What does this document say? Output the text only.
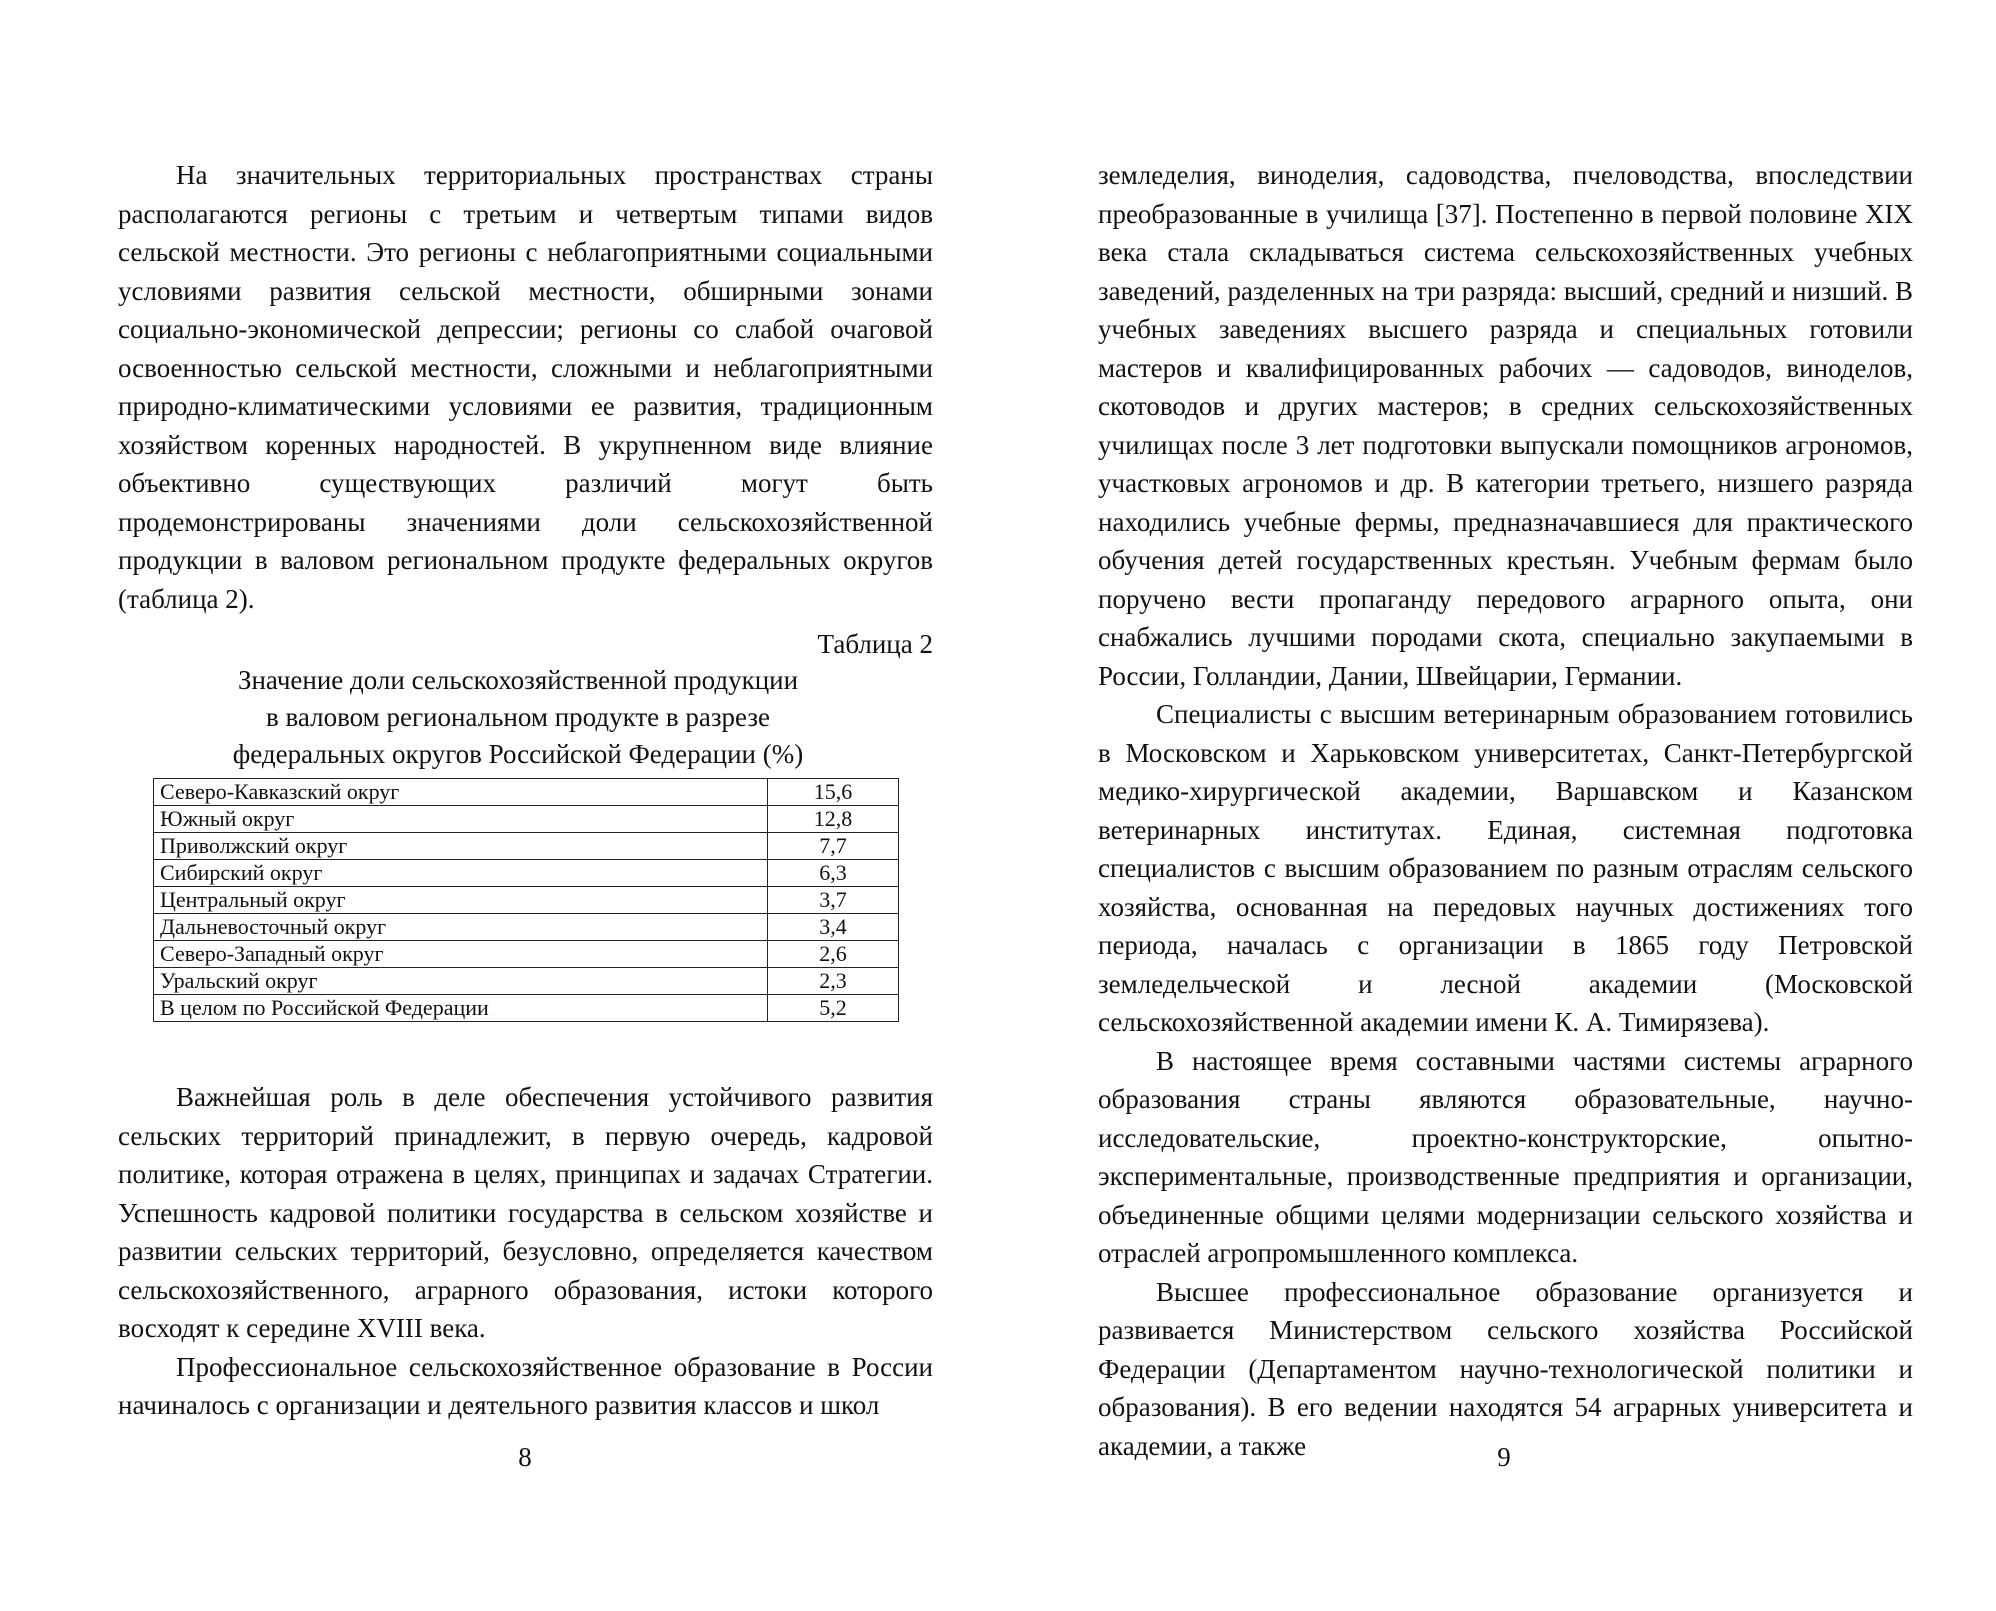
На значительных территориальных пространствах страны располагаются регионы с третьим и четвертым типами видов сельской местности. Это регионы с неблагоприятными социальными условиями развития сельской местности, обширными зонами социально-экономической депрессии; регионы со слабой очаговой освоенностью сельской местности, сложными и неблагоприятными природно-климатическими условиями ее развития, традиционным хозяйством коренных народностей. В укрупненном виде влияние объективно существующих различий могут быть продемонстрированы значениями доли сельскохозяйственной продукции в валовом региональном продукте федеральных округов (таблица 2).

Таблица 2
Значение доли сельскохозяйственной продукции
в валовом региональном продукте в разрезе
федеральных округов Российской Федерации (%)
Северо-Кавказский округ	15,6
Южный округ	12,8
Приволжский округ	7,7
Сибирский округ	6,3
Центральный округ	3,7
Дальневосточный округ	3,4
Северо-Западный округ	2,6
Уральский округ	2,3
В целом по Российской Федерации	5,2

Важнейшая роль в деле обеспечения устойчивого развития сельских территорий принадлежит, в первую очередь, кадровой политике, которая отражена в целях, принципах и задачах Стратегии. Успешность кадровой политики государства в сельском хозяйстве и развитии сельских территорий, безусловно, определяется качеством сельскохозяйственного, аграрного образования, истоки которого восходят к середине XVIII века.

Профессиональное сельскохозяйственное образование в России начиналось с организации и деятельного развития классов и школ

8

земледелия, виноделия, садоводства, пчеловодства, впоследствии преобразованные в училища [37]. Постепенно в первой половине XIX века стала складываться система сельскохозяйственных учебных заведений, разделенных на три разряда: высший, средний и низший. В учебных заведениях высшего разряда и специальных готовили мастеров и квалифицированных рабочих — садоводов, виноделов, скотоводов и других мастеров; в средних сельскохозяйственных училищах после 3 лет подготовки выпускали помощников агрономов, участковых агрономов и др. В категории третьего, низшего разряда находились учебные фермы, предназначавшиеся для практического обучения детей государственных крестьян. Учебным фермам было поручено вести пропаганду передового аграрного опыта, они снабжались лучшими породами скота, специально закупаемыми в России, Голландии, Дании, Швейцарии, Германии.

Специалисты с высшим ветеринарным образованием готовились в Московском и Харьковском университетах, Санкт-Петербургской медико-хирургической академии, Варшавском и Казанском ветеринарных институтах. Единая, системная подготовка специалистов с высшим образованием по разным отраслям сельского хозяйства, основанная на передовых научных достижениях того периода, началась с организации в 1865 году Петровской земледельческой и лесной академии (Московской сельскохозяйственной академии имени К. А. Тимирязева).

В настоящее время составными частями системы аграрного образования страны являются образовательные, научно-исследовательские, проектно-конструкторские, опытно-экспериментальные, производственные предприятия и организации, объединенные общими целями модернизации сельского хозяйства и отраслей агропромышленного комплекса.

Высшее профессиональное образование организуется и развивается Министерством сельского хозяйства Российской Федерации (Департаментом научно-технологической политики и образования). В его ведении находятся 54 аграрных университета и академии, а также	9
